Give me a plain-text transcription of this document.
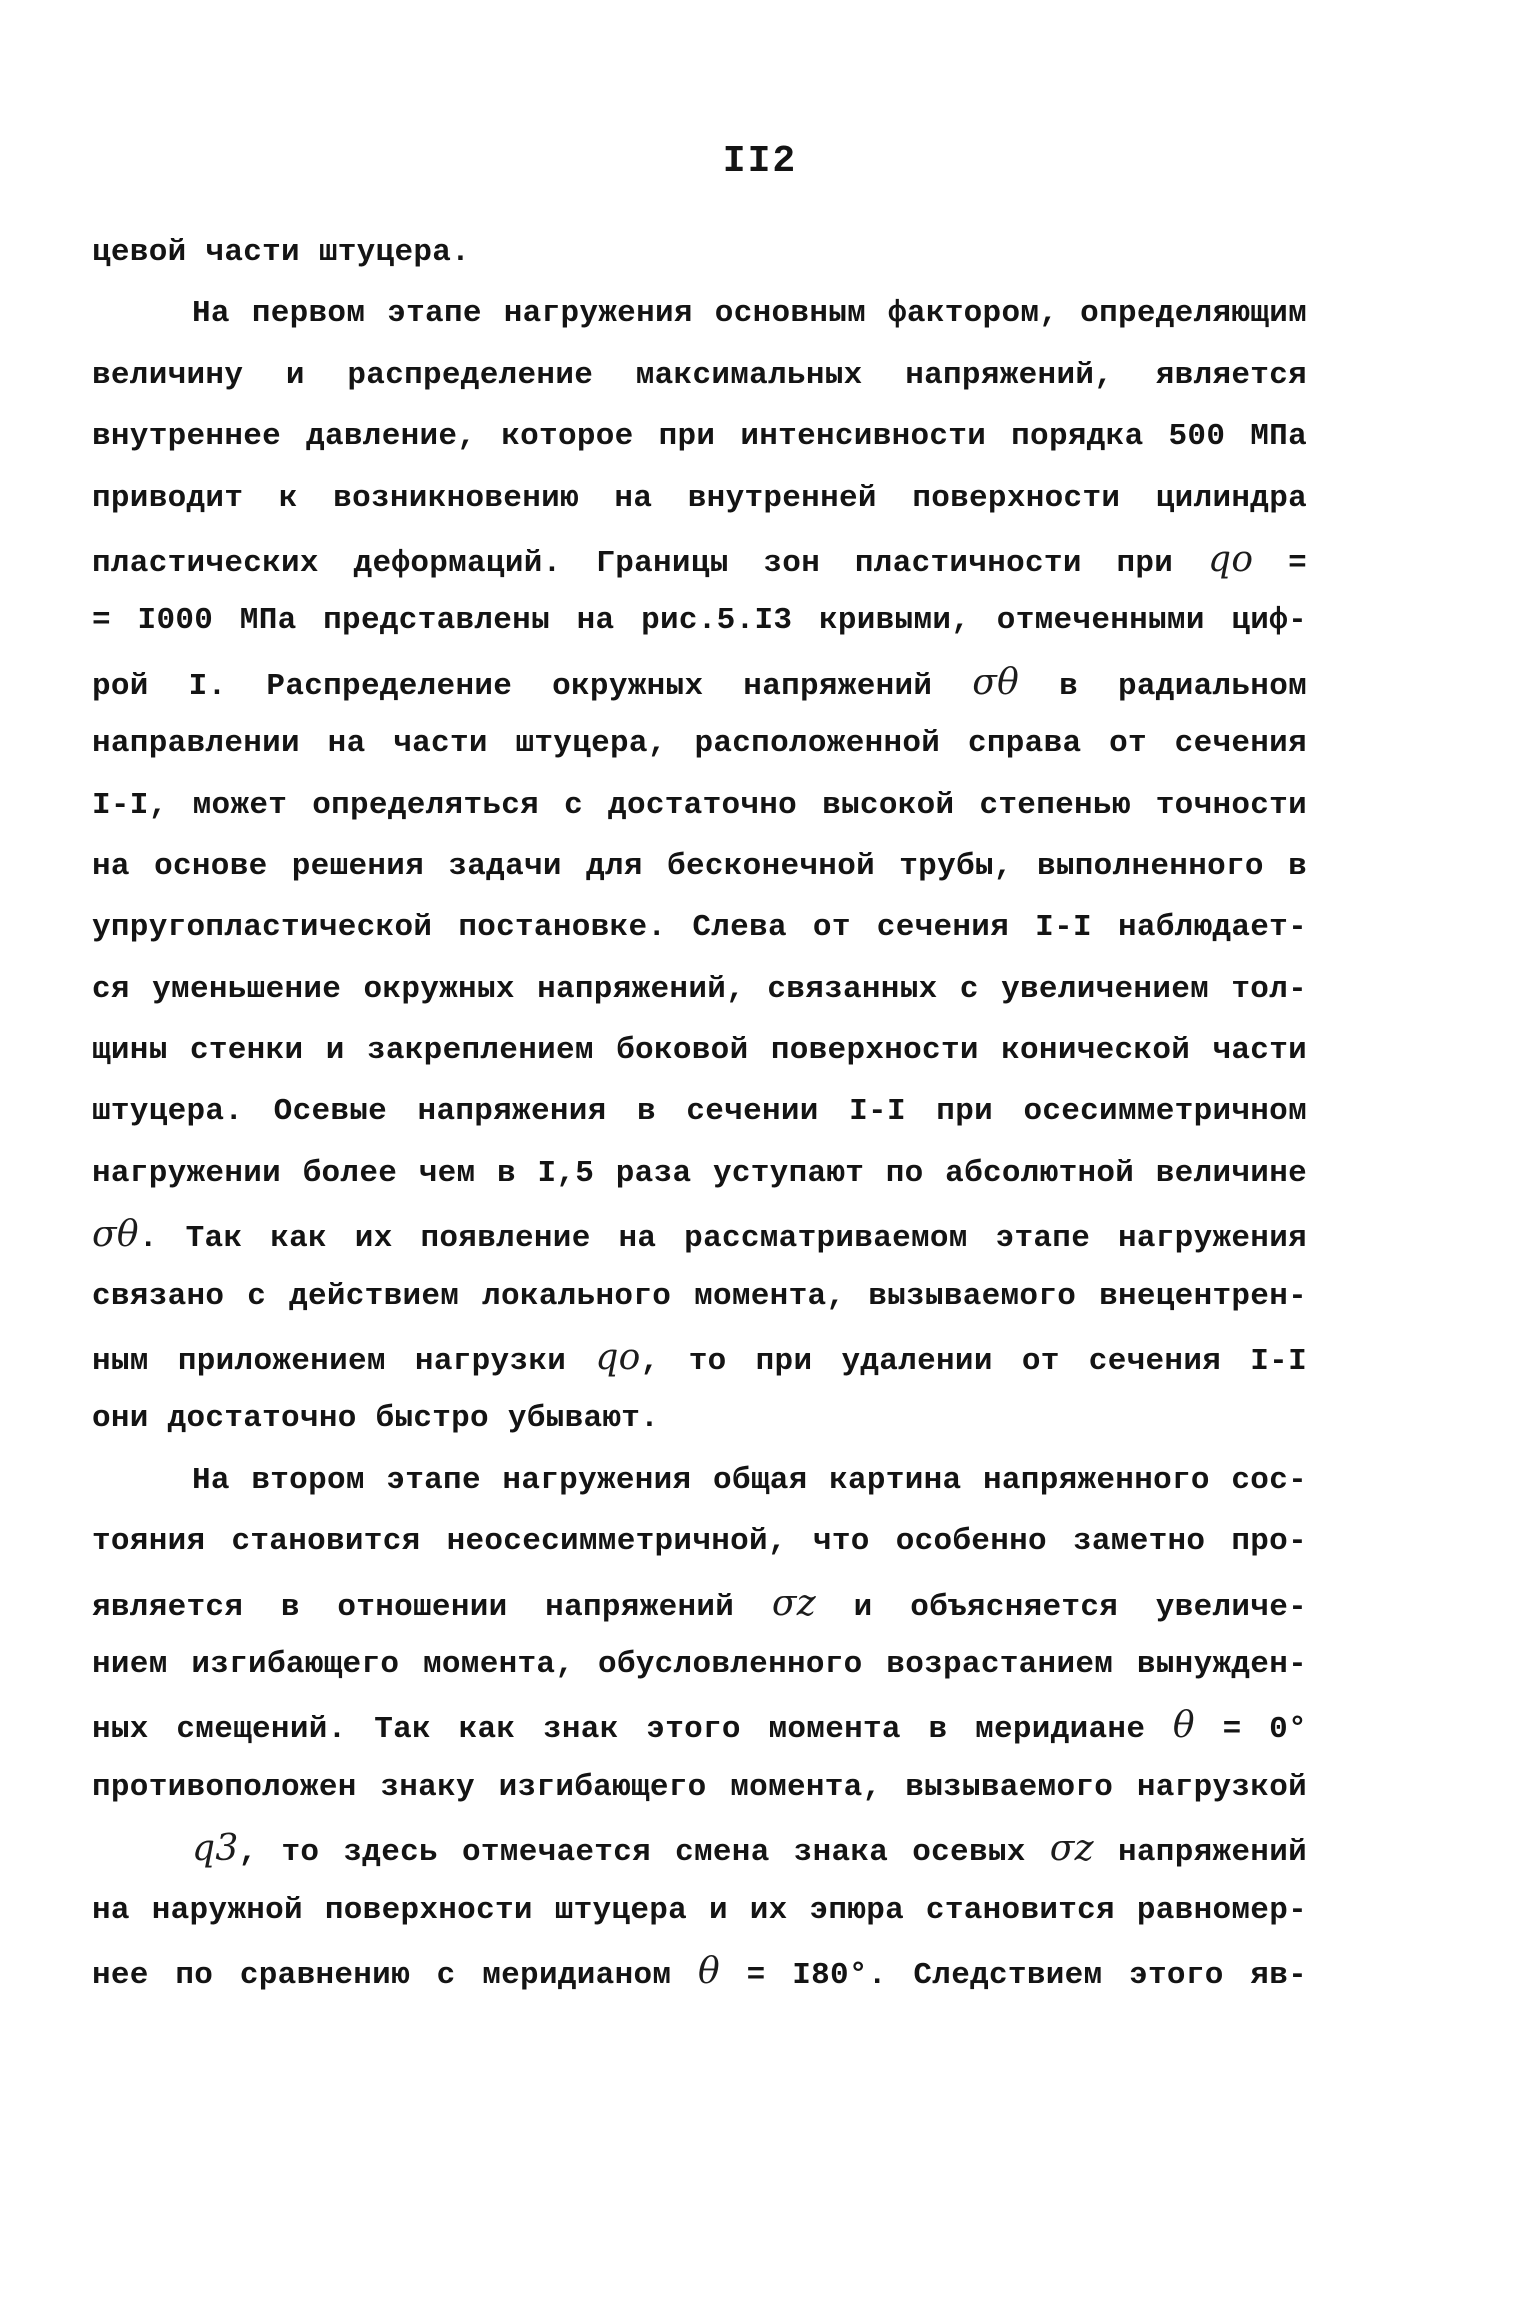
II2
цевой части штуцера.
На первом этапе нагружения основным фактором, определяющим
величину и распределение максимальных напряжений, является
внутреннее давление, которое при интенсивности порядка 500 МПа
приводит к возникновению на внутренней поверхности цилиндра
пластических деформаций. Границы зон пластичности при qo =
= I000 МПа представлены на рис.5.I3 кривыми, отмеченными циф-
рой I. Распределение окружных напряжений σθ в радиальном
направлении на части штуцера, расположенной справа от сечения
I-I, может определяться с достаточно высокой степенью точности
на основе решения задачи для бесконечной трубы, выполненного в
упругопластической постановке. Слева от сечения I-I наблюдает-
ся уменьшение окружных напряжений, связанных с увеличением тол-
щины стенки и закреплением боковой поверхности конической части
штуцера. Осевые напряжения в сечении I-I при осесимметричном
нагружении более чем в I,5 раза уступают по абсолютной величине
σθ. Так как их появление на рассматриваемом этапе нагружения
связано с действием локального момента, вызываемого внецентрен-
ным приложением нагрузки qo, то при удалении от сечения I-I
они достаточно быстро убывают.
На втором этапе нагружения общая картина напряженного сос-
тояния становится неосесимметричной, что особенно заметно про-
является в отношении напряжений σz и объясняется увеличе-
нием изгибающего момента, обусловленного возрастанием вынужден-
ных смещений. Так как знак этого момента в меридиане θ = 0°
противоположен знаку изгибающего момента, вызываемого нагрузкой
q3, то здесь отмечается смена знака осевых σz напряжений
на наружной поверхности штуцера и их эпюра становится равномер-
нее по сравнению с меридианом θ = I80°. Следствием этого яв-
